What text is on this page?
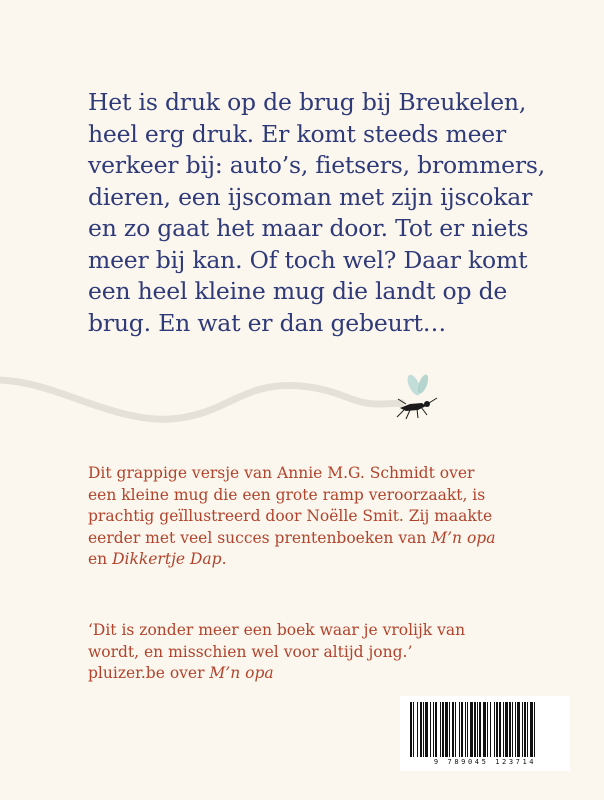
Het is druk op de brug bij Breukelen,
heel erg druk. Er komt steeds meer
verkeer bij: auto’s, fietsers, brommers,
dieren, een ijscoman met zijn ijscokar
en zo gaat het maar door. Tot er niets
meer bij kan. Of toch wel? Daar komt
een heel kleine mug die landt op de
brug. En wat er dan gebeurt…

Dit grappige versje van Annie M.G. Schmidt over
een kleine mug die een grote ramp veroorzaakt, is
prachtig geïllustreerd door Noëlle Smit. Zij maakte
eerder met veel succes prentenboeken van M’n opa
en Dikkertje Dap.

‘Dit is zonder meer een boek waar je vrolijk van
wordt, en misschien wel voor altijd jong.’
pluizer.be over M’n opa

9 789045 123714
